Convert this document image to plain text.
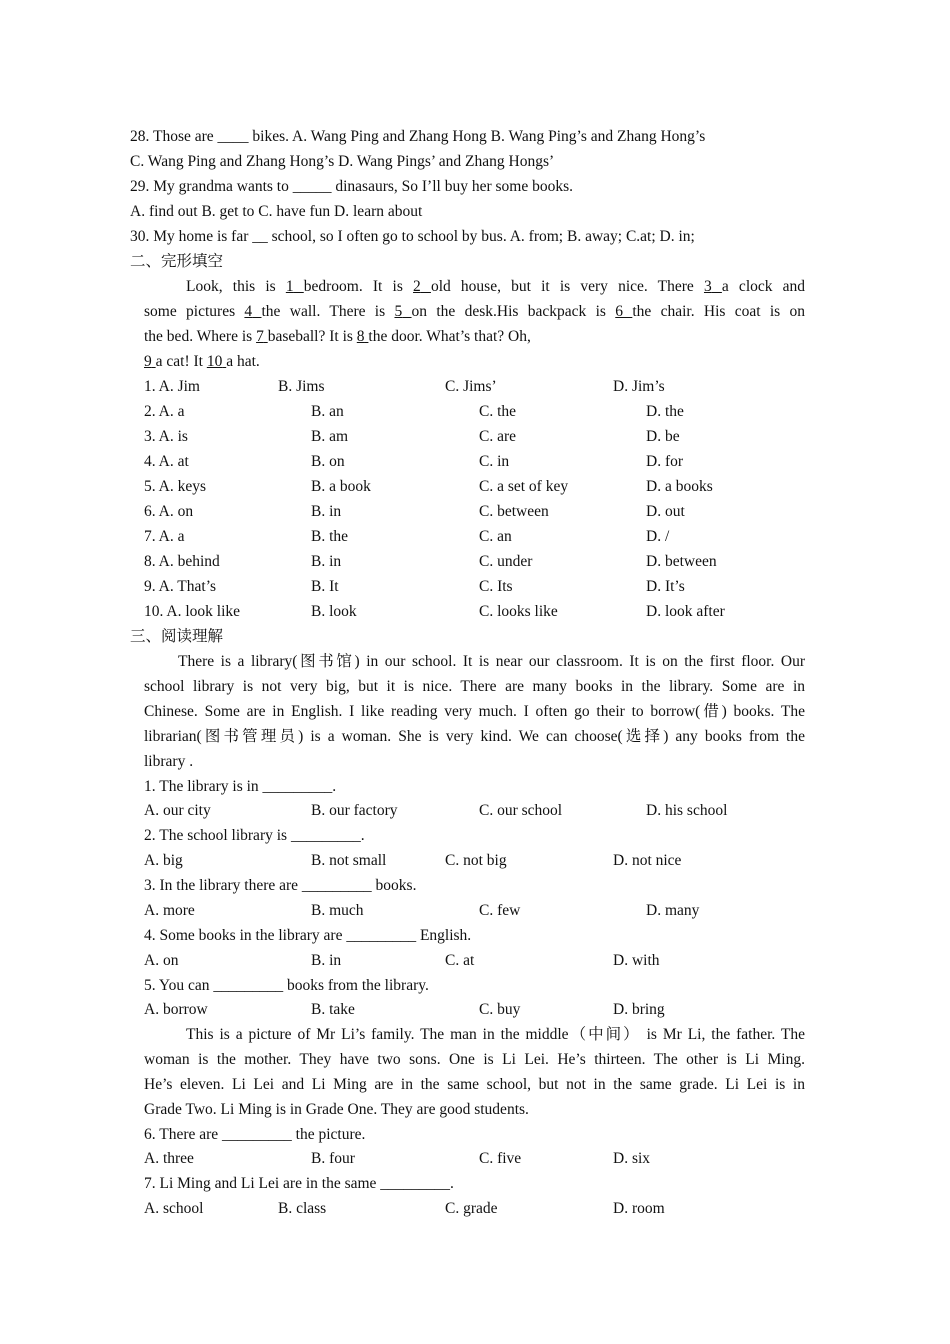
28. Those are ____ bikes. A. Wang Ping and Zhang Hong B. Wang Ping’s and Zhang Hong’s
C. Wang Ping and Zhang Hong’s D. Wang Pings’ and Zhang Hongs’
29. My grandma wants to _____ dinasaurs, So I’ll buy her some books.
A. find out B. get to C. have fun D. learn about
30. My home is far __ school, so I often go to school by bus. A. from; B. away; C.at; D. in;
二、完形填空
Look, this is 1 bedroom. It is 2 old house, but it is very nice. There 3 a clock and
some pictures 4 the wall. There is 5 on the desk.His backpack is 6 the chair. His coat is on
the bed. Where is 7 baseball? It is 8 the door. What’s that? Oh,
9 a cat! It 10 a hat.
1. A. Jim	B. Jims	C. Jims’	D. Jim’s
2. A. a	B. an	C. the	D. the
3. A. is	B. am	C. are	D. be
4. A. at	B. on	C. in	D. for
5. A. keys	B. a book	C. a set of key	D. a books
6. A. on	B. in	C. between	D. out
7. A. a	B. the	C. an	D. /
8. A. behind	B. in	C. under	D. between
9. A. That’s	B. It	C. Its	D. It’s
10. A. look like	B. look	C. looks like	D. look after
三、阅读理解
There is a library(图书馆) in our school. It is near our classroom. It is on the first floor. Our
school library is not very big, but it is nice. There are many books in the library. Some are in
Chinese. Some are in English. I like reading very much. I often go their to borrow(借) books. The
librarian(图书管理员) is a woman. She is very kind. We can choose(选择) any books from the
library .
1. The library is in _________.
A. our city	B. our factory	C. our school	D. his school
2. The school library is _________.
A. big	B. not small	C. not big	D. not nice
3. In the library there are _________ books.
A. more	B. much	C. few	D. many
4. Some books in the library are _________ English.
A. on	B. in	C. at	D. with
5. You can _________ books from the library.
A. borrow	B. take	C. buy	D. bring
This is a picture of Mr Li’s family. The man in the middle（中间） is Mr Li, the father. The
woman is the mother. They have two sons. One is Li Lei. He’s thirteen. The other is Li Ming.
He’s eleven. Li Lei and Li Ming are in the same school, but not in the same grade. Li Lei is in
Grade Two. Li Ming is in Grade One. They are good students.
6. There are _________ the picture.
A. three	B. four	C. five	D. six
7. Li Ming and Li Lei are in the same _________.
A. school	B. class	C. grade	D. room
